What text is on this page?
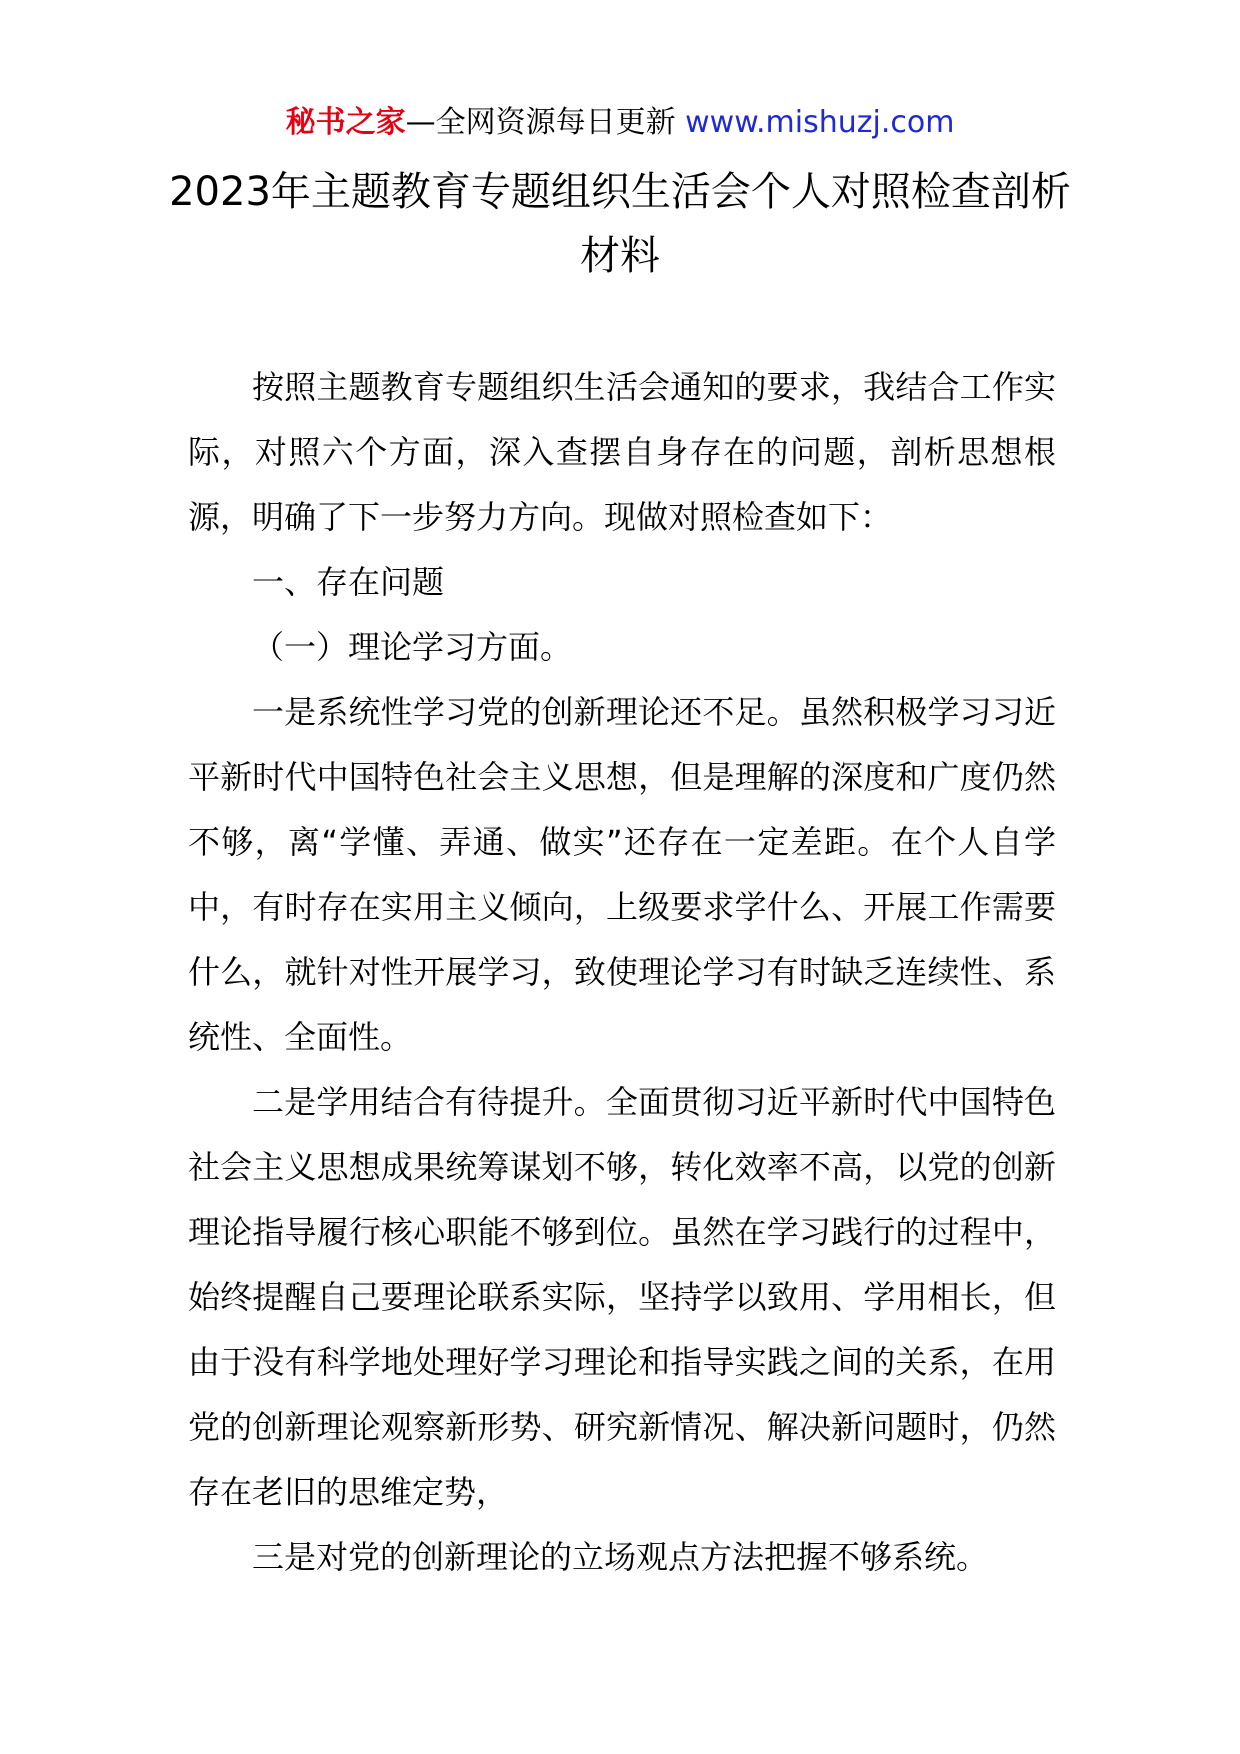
秘书之家—全网资源每日更新 www.mishuzj.com
2023年主题教育专题组织生活会个人对照检查剖析材料

按照主题教育专题组织生活会通知的要求，我结合工作实际，对照六个方面，深入查摆自身存在的问题，剖析思想根源，明确了下一步努力方向。现做对照检查如下：

一、存在问题

（一）理论学习方面。

一是系统性学习党的创新理论还不足。虽然积极学习习近平新时代中国特色社会主义思想，但是理解的深度和广度仍然不够，离“学懂、弄通、做实”还存在一定差距。在个人自学中，有时存在实用主义倾向，上级要求学什么、开展工作需要什么，就针对性开展学习，致使理论学习有时缺乏连续性、系统性、全面性。

二是学用结合有待提升。全面贯彻习近平新时代中国特色社会主义思想成果统筹谋划不够，转化效率不高，以党的创新理论指导履行核心职能不够到位。虽然在学习践行的过程中，始终提醒自己要理论联系实际，坚持学以致用、学用相长，但由于没有科学地处理好学习理论和指导实践之间的关系，在用党的创新理论观察新形势、研究新情况、解决新问题时，仍然存在老旧的思维定势，

三是对党的创新理论的立场观点方法把握不够系统。
